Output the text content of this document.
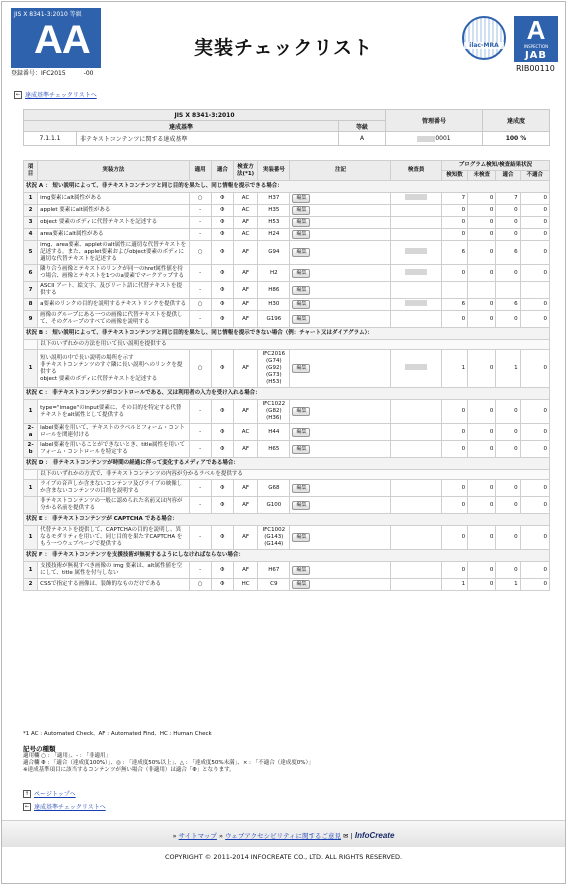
JIS X 8341-3:2010 等級
AA
登録番号：IFC2015　　　-00
実装チェックリスト	ilac-MRA
A
INSPECTION
JAB
RIB00110
← 達成基準チェックリストへ
JIS X 8341-3:2010			管理番号	達成度
達成基準		等級		
7.1.1.1	非テキストコンテンツに関する達成基準	A	0001	100 %
項目	実装方法	適用	適合	検査方法(*1)	実装番号	注記	検査員	プログラム検知/検査結果状況			
								検知数	未検査	適合	不適合
状況 A ： 短い説明によって、非テキストコンテンツと同じ目的を果たし、同じ情報を提示できる場合：											
1	img要素にalt属性がある	○	Φ	AC	H37	編集		7	0	7	0
2	applet 要素にalt属性がある	-	Φ	AC	H35	編集		0	0	0	0
3	object 要素のボディに代替テキストを記述する	-	Φ	AF	H53	編集		0	0	0	0
4	area要素にalt属性がある	-	Φ	AC	H24	編集		0	0	0	0
5	img、area要素、appletのalt属性に適切な代替テキストを記述する。また、applet要素およびobject要素のボディに適切な代替テキストを記述する	○	Φ	AF	G94	編集		6	0	6	0
6	隣り合う画像とテキストのリンクが同一のhref属性値を持つ場合、画像とテキストを1つのa要素でマークアップする	-	Φ	AF	H2	編集		0	0	0	0
7	ASCII アート、絵文字、及びリート語に代替テキストを提供する	-	Φ	AF	H86	編集					
8	a要素のリンクの目的を説明するテキストリンクを提供する	○	Φ	AF	H30	編集		6	0	6	0
9	画像のグループにある一つの画像に代替テキストを提供して、そのグループのすべての画像を説明する	-	Φ	AF	G196	編集		0	0	0	0
状況 B ： 短い説明によって、非テキストコンテンツと同じ目的を果たし、同じ情報を提示できない場合（例：チャート又はダイアグラム）：											
	以下のいずれかの方法を用いて長い説明を提供する										
1	短い説明の中で長い説明の場所を示す
非テキストコンテンツのすぐ隣に長い説明へのリンクを提供する
object 要素のボディに代替テキストを記述する	○	Φ	AF	IFC2016
(G74)
(G92)
(G73)
(H53)	編集		1	0	1	0
状況 C ： 非テキストコンテンツがコントロールである、又は利用者の入力を受け入れる場合：											
1	type="image"のinput要素に、その目的を特定する代替テキストをalt属性として提供する	-	Φ	AF	IFC1022
(G82)
(H36)	編集		0	0	0	0
2-a	label要素を用いて、テキストのラベルとフォーム・コントロールを関連付ける	-	Φ	AC	H44	編集		0	0	0	0
2-b	label要素を用いることができないとき、title属性を用いてフォーム・コントロールを特定する	-	Φ	AF	H65	編集		0	0	0	0
状況 D ： 非テキストコンテンツが時間の経過に伴って変化するメディアである場合：											
	以下のいずれかの方式で、非テキストコンテンツの内容が分かるラベルを提供する										
1	ライブの音声しか含まないコンテンツ及びライブの映像しか含まないコンテンツの目的を説明する	-	Φ	AF	G68	編集		0	0	0	0
	非テキストコンテンツの一般に認められた名前又は内容が分かる名前を提供する	-	Φ	AF	G100	編集		0	0	0	0
状況 E ： 非テキストコンテンツが CAPTCHA である場合：											
1	代替テキストを提供して、CAPTCHAの目的を説明し、異なるモダリティを用いて、同じ目的を果たすCAPTCHA をもう一つウェブページで提供する	-	Φ	AF	IFC1002
(G143)
(G144)	編集		0	0	0	0
状況 F ： 非テキストコンテンツを支援技術が無視するようにしなければならない場合：											
1	支援技術が無視すべき画像の img 要素は、alt属性値を空にして、title 属性を付与しない	-	Φ	AF	H67	編集		0	0	0	0
2	CSSで指定する画像は、装飾的なものだけである	○	Φ	HC	C9	編集		1	0	1	0
*1 AC : Automated Check、AF : Automated Find、HC : Human Check
記号の種類
適用欄 ○ : 「適用」、- : 「非適用」
適合欄 Φ : 「適合（達成度100%）」、◎ : 「達成度50%以上」、△ : 「達成度50%未満」、× : 「不適合（達成度0%）」
※達成基準項目に該当するコンテンツが無い場合（非適用）は適合「Φ」となります。
↑ ページトップへ
← 達成基準チェックリストへ
» サイトマップ » ウェブアクセシビリティに関するご意見 ✉ | InfoCreate
COPYRIGHT © 2011-2014 INFOCREATE CO., LTD. ALL RIGHTS RESERVED.
